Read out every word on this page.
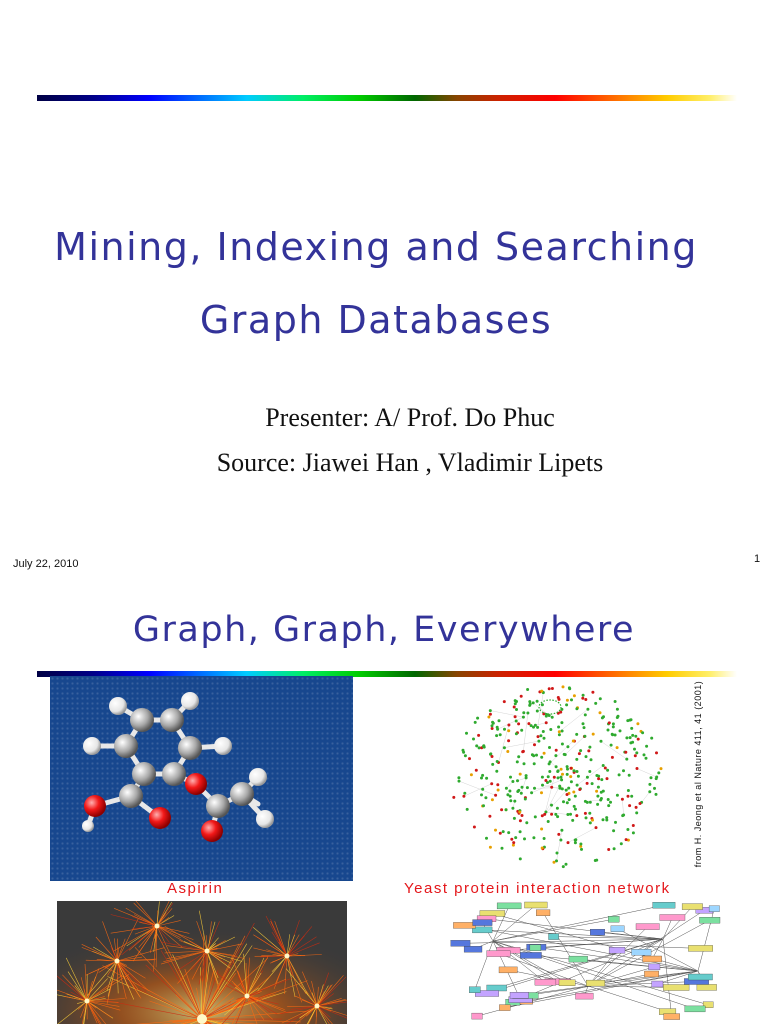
Mining, Indexing and Searching
Graph Databases
Presenter: A/ Prof. Do Phuc
Source: Jiawei Han , Vladimir Lipets
July 22, 2010	1
Graph, Graph, Everywhere
Aspirin
from H. Jeong et al Nature 411, 41 (2001)
Yeast protein interaction network
